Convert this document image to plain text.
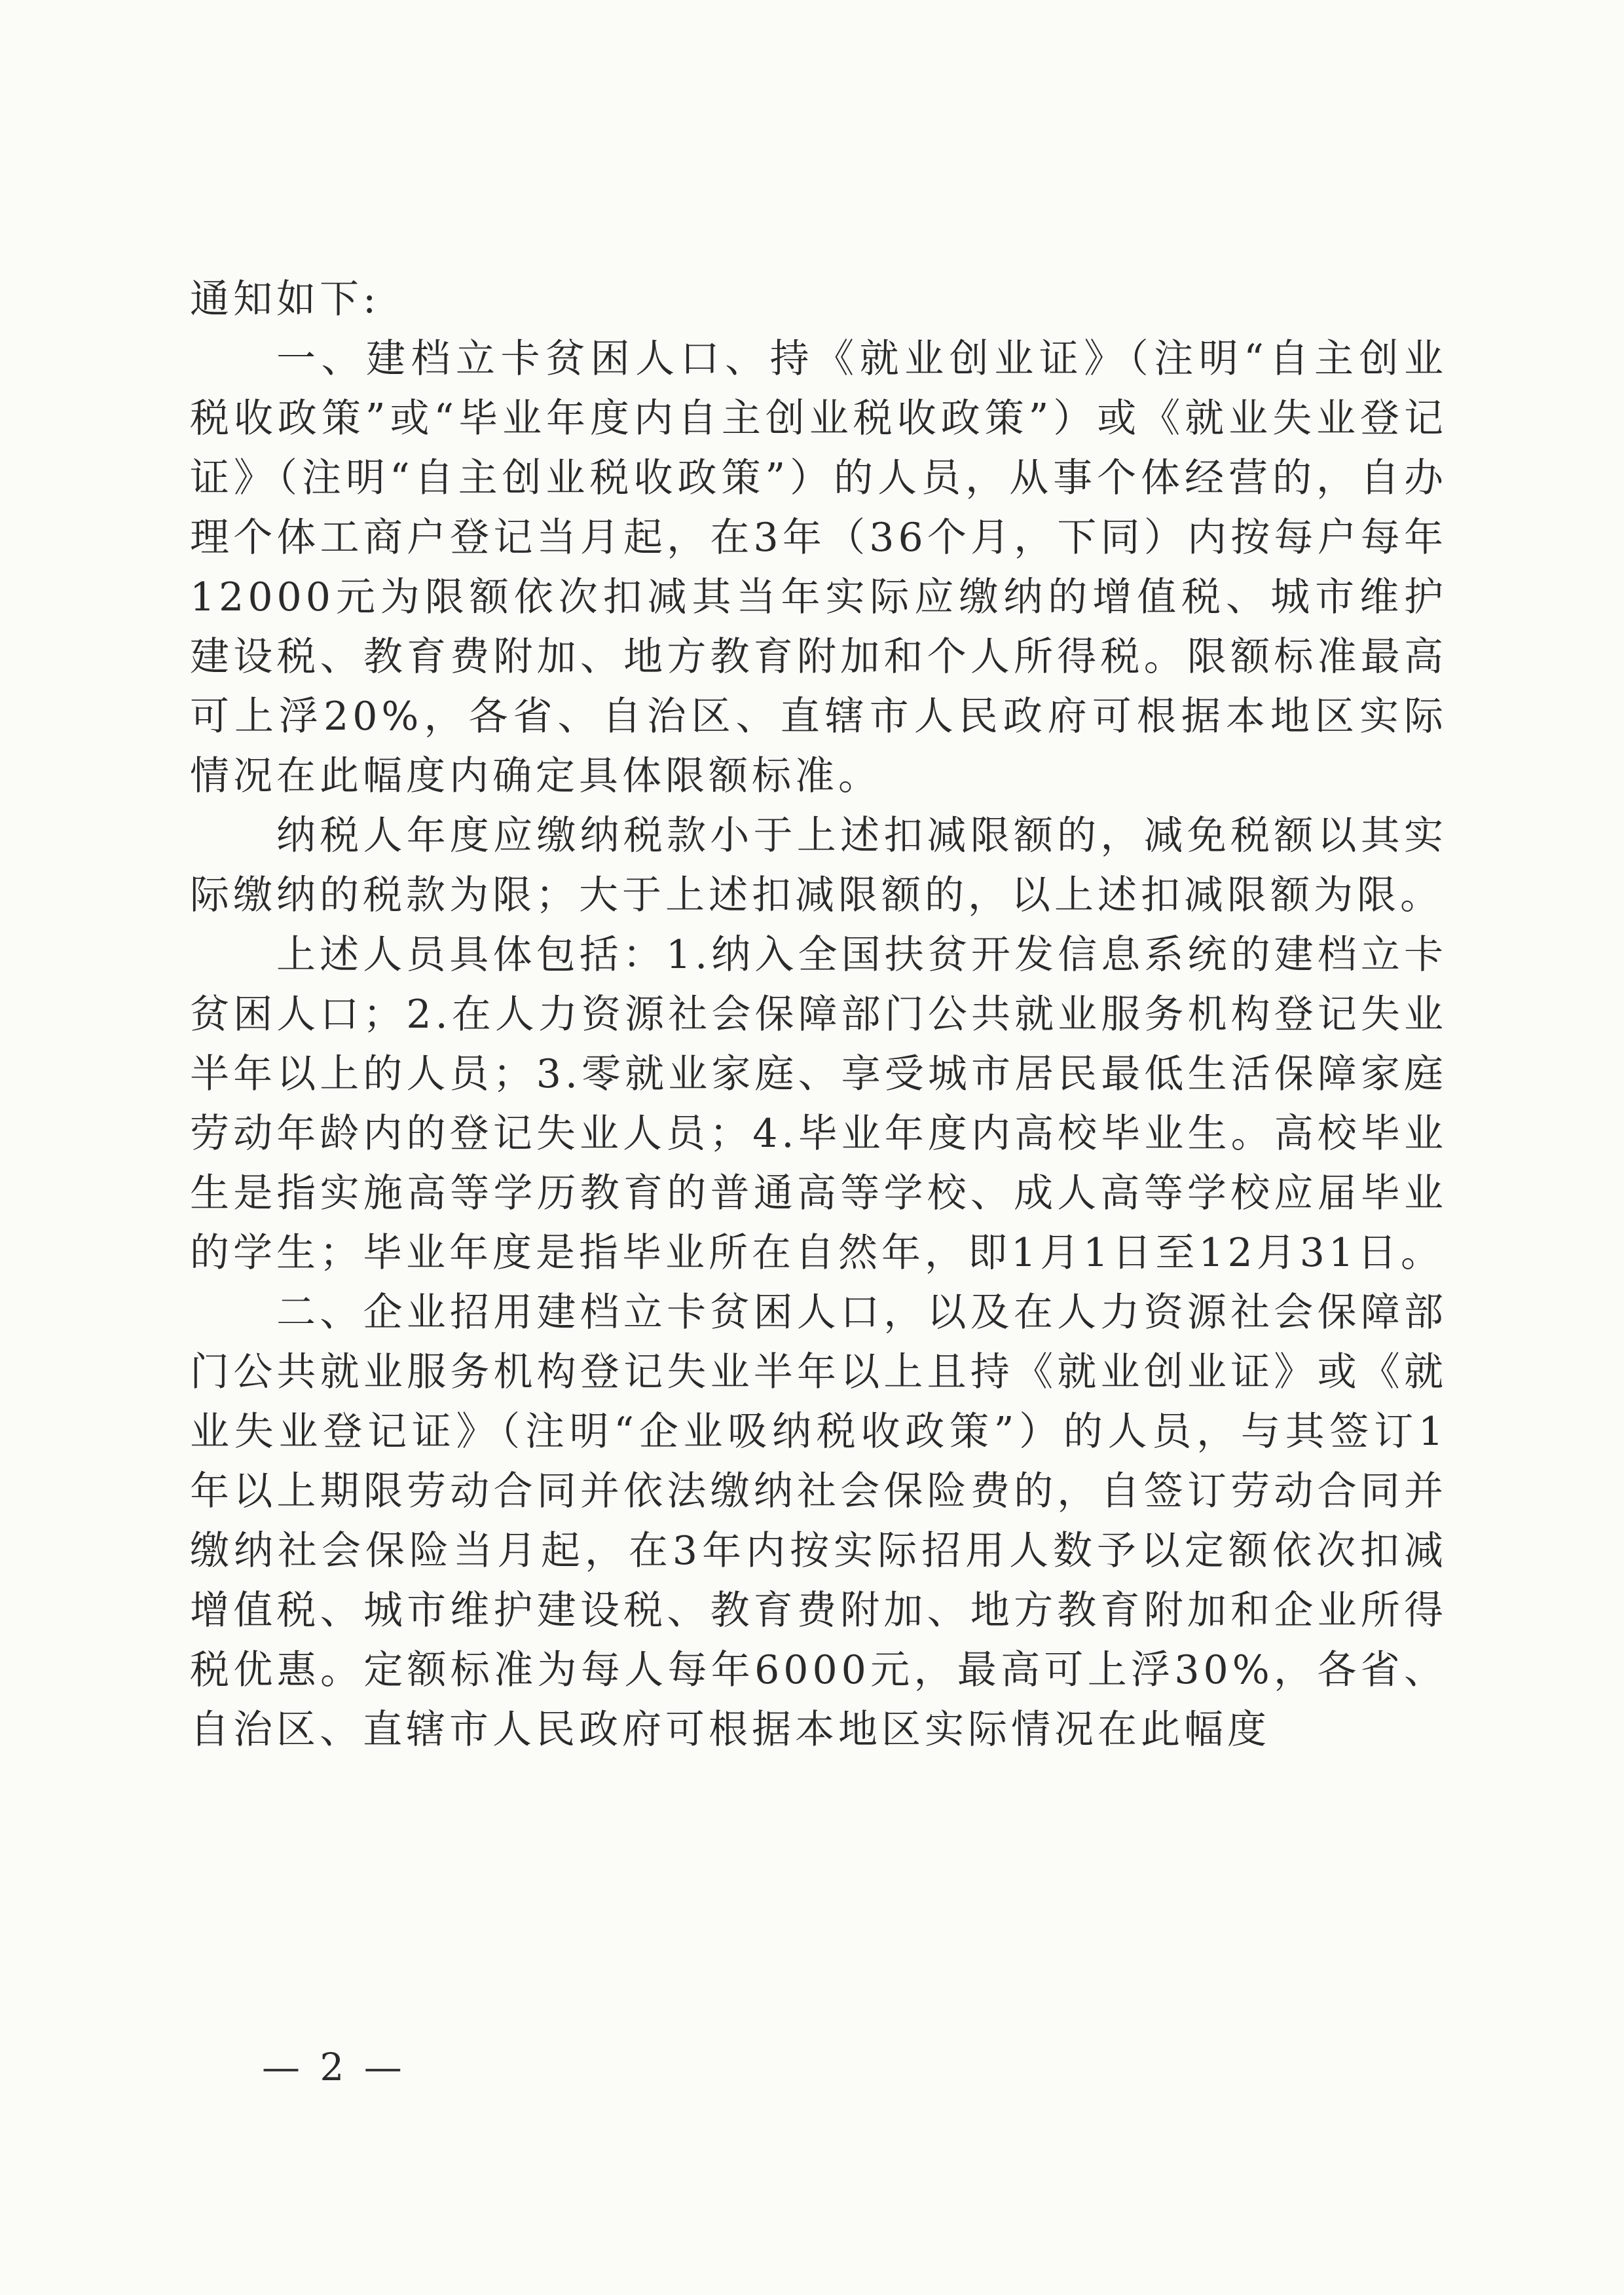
通知如下:

一、建档立卡贫困人口、持《就业创业证》（注明“自主创业税收政策”或“毕业年度内自主创业税收政策”）或《就业失业登记证》（注明“自主创业税收政策”）的人员，从事个体经营的，自办理个体工商户登记当月起，在3年（36个月，下同）内按每户每年12000元为限额依次扣减其当年实际应缴纳的增值税、城市维护建设税、教育费附加、地方教育附加和个人所得税。限额标准最高可上浮20%，各省、自治区、直辖市人民政府可根据本地区实际情况在此幅度内确定具体限额标准。

纳税人年度应缴纳税款小于上述扣减限额的，减免税额以其实际缴纳的税款为限；大于上述扣减限额的，以上述扣减限额为限。

上述人员具体包括：1.纳入全国扶贫开发信息系统的建档立卡贫困人口；2.在人力资源社会保障部门公共就业服务机构登记失业半年以上的人员；3.零就业家庭、享受城市居民最低生活保障家庭劳动年龄内的登记失业人员；4.毕业年度内高校毕业生。高校毕业生是指实施高等学历教育的普通高等学校、成人高等学校应届毕业的学生；毕业年度是指毕业所在自然年，即1月1日至12月31日。

二、企业招用建档立卡贫困人口，以及在人力资源社会保障部门公共就业服务机构登记失业半年以上且持《就业创业证》或《就业失业登记证》（注明“企业吸纳税收政策”）的人员，与其签订1年以上期限劳动合同并依法缴纳社会保险费的，自签订劳动合同并缴纳社会保险当月起，在3年内按实际招用人数予以定额依次扣减增值税、城市维护建设税、教育费附加、地方教育附加和企业所得税优惠。定额标准为每人每年6000元，最高可上浮30%，各省、自治区、直辖市人民政府可根据本地区实际情况在此幅度

— 2 —
